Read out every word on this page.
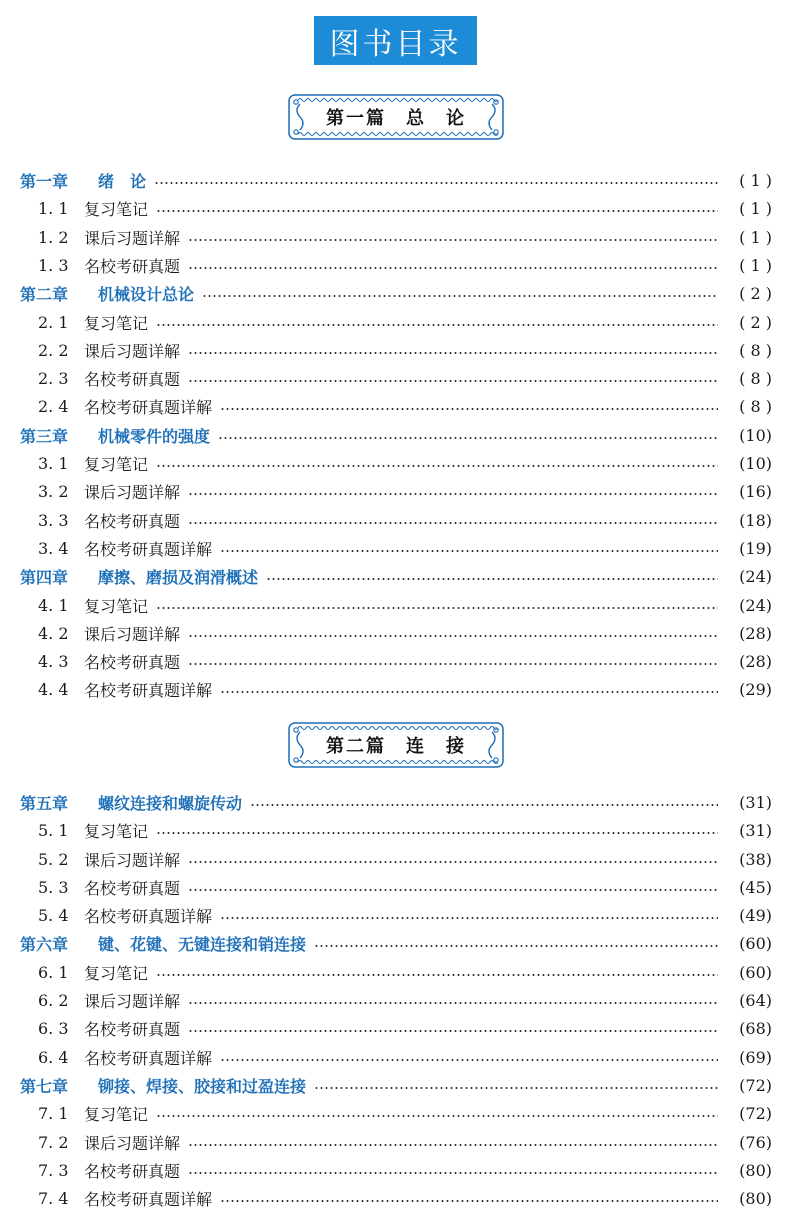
图书目录
第一篇　总　论
第一章	绪　论	( 1 )
1. 1 复习笔记	( 1 )
1. 2 课后习题详解	( 1 )
1. 3 名校考研真题	( 1 )
第二章	机械设计总论	( 2 )
2. 1 复习笔记	( 2 )
2. 2 课后习题详解	( 8 )
2. 3 名校考研真题	( 8 )
2. 4 名校考研真题详解	( 8 )
第三章	机械零件的强度	(10)
3. 1 复习笔记	(10)
3. 2 课后习题详解	(16)
3. 3 名校考研真题	(18)
3. 4 名校考研真题详解	(19)
第四章	摩擦、磨损及润滑概述	(24)
4. 1 复习笔记	(24)
4. 2 课后习题详解	(28)
4. 3 名校考研真题	(28)
4. 4 名校考研真题详解	(29)
第二篇　连　接
第五章	螺纹连接和螺旋传动	(31)
5. 1 复习笔记	(31)
5. 2 课后习题详解	(38)
5. 3 名校考研真题	(45)
5. 4 名校考研真题详解	(49)
第六章	键、花键、无键连接和销连接	(60)
6. 1 复习笔记	(60)
6. 2 课后习题详解	(64)
6. 3 名校考研真题	(68)
6. 4 名校考研真题详解	(69)
第七章	铆接、焊接、胶接和过盈连接	(72)
7. 1 复习笔记	(72)
7. 2 课后习题详解	(76)
7. 3 名校考研真题	(80)
7. 4 名校考研真题详解	(80)
